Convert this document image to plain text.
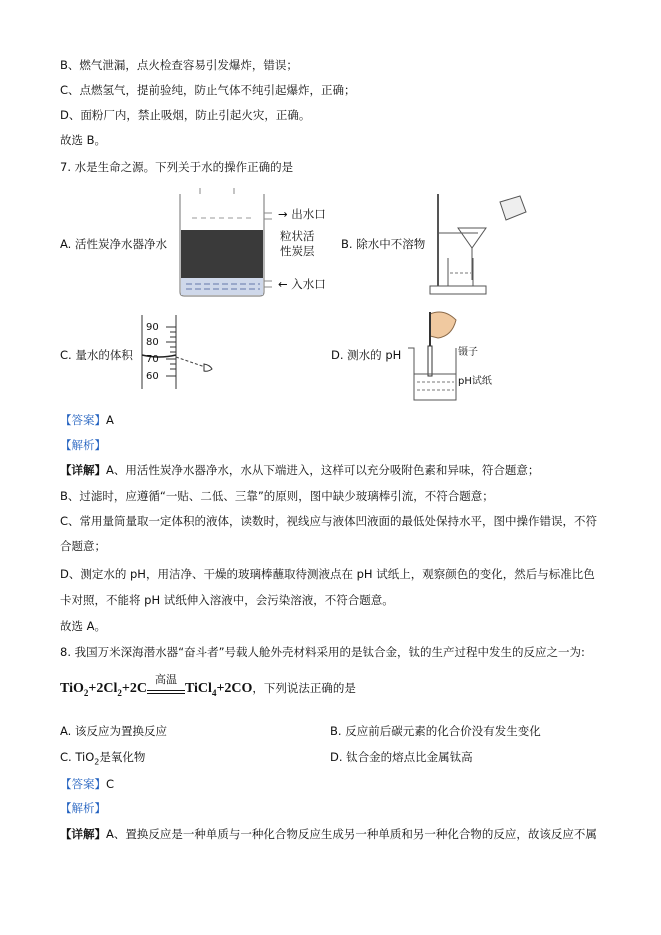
B、燃气泄漏，点火检查容易引发爆炸，错误；
C、点燃氢气，提前验纯，防止气体不纯引起爆炸，正确；
D、面粉厂内，禁止吸烟，防止引起火灾，正确。
故选 B。
7. 水是生命之源。下列关于水的操作正确的是
A. 活性炭净水器净水
→ 出水口
粒状活
性炭层
← 入水口
B. 除水中不溶物
C. 量水的体积
90
80
70
60
D. 测水的 pH	镊子
pH试纸
【答案】A
【解析】
【详解】A、用活性炭净水器净水，水从下端进入，这样可以充分吸附色素和异味，符合题意；
B、过滤时，应遵循“一贴、二低、三靠”的原则，图中缺少玻璃棒引流，不符合题意；
C、常用量筒量取一定体积的液体，读数时，视线应与液体凹液面的最低处保持水平，图中操作错误，不符
合题意；
D、测定水的 pH，用洁净、干燥的玻璃棒蘸取待测液点在 pH 试纸上，观察颜色的变化，然后与标准比色
卡对照，不能将 pH 试纸伸入溶液中，会污染溶液，不符合题意。
故选 A。
8. 我国万米深海潜水器“奋斗者”号载人舱外壳材料采用的是钛合金，钛的生产过程中发生的反应之一为:
$TiO_2+2Cl_2+2C$
高温
TiCl$_4$+2CO，下列说法正确的是
A. 该反应为置换反应	B. 反应前后碳元素的化合价没有发生变化
C. TiO$_2$是氧化物	D. 钛合金的熔点比金属钛高
【答案】C
【解析】
【详解】A、置换反应是一种单质与一种化合物反应生成另一种单质和另一种化合物的反应，故该反应不属
